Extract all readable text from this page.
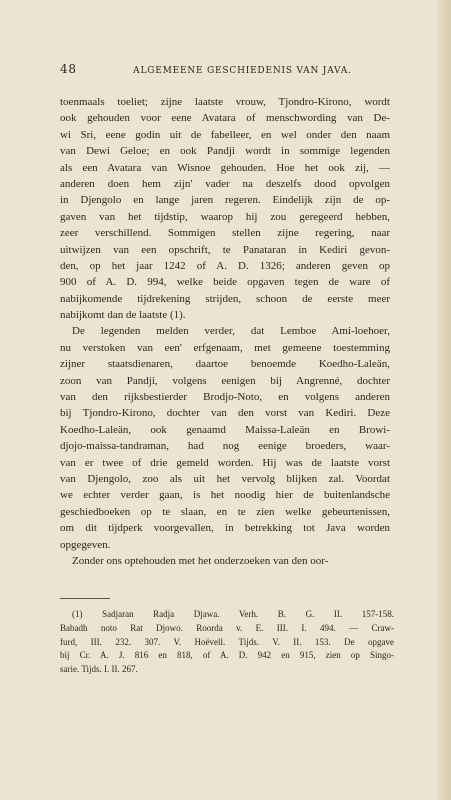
48	ALGEMEENE GESCHIEDENIS VAN JAVA.
toenmaals toeliet; zijne laatste vrouw, Tjondro-Kirono, wordt
ook gehouden voor eene Avatara of menschwording van De-
wi Sri, eene godin uit de fabelleer, en wel onder den naam
van Dewi Geloe; en ook Pandji wordt in sommige legenden
als een Avatara van Wisnoe gehouden. Hoe het ook zij, —
anderen doen hem zijn' vader na deszelfs dood opvolgen
in Djengolo en lange jaren regeren. Eindelijk zijn de op-
gaven van het tijdstip, waarop hij zou geregeerd hebben,
zeer verschillend. Sommigen stellen zijne regering, naar
uitwijzen van een opschrift, te Panataran in Kediri gevon-
den, op het jaar 1242 of A. D. 1326; anderen geven op
900 of A. D. 994, welke beide opgaven tegen de ware of
nabijkomende tijdrekening strijden, schoon de eerste meer
nabijkomt dan de laatste (1).
De legenden melden verder, dat Lemboe Ami-loehoer,
nu verstoken van een' erfgenaam, met gemeene toestemming
zijner staatsdienaren, daartoe benoemde Koedho-Laleän,
zoon van Pandji, volgens eenigen bij Angrenné, dochter
van den rijksbestierder Brodjo-Noto, en volgens anderen
bij Tjondro-Kirono, dochter van den vorst van Kediri. Deze
Koedho-Laleän, ook genaamd Maissa-Laleän en Browi-
djojo-maissa-tandraman, had nog eenige broeders, waar-
van er twee of drie gemeld worden. Hij was de laatste vorst
van Djengolo, zoo als uit het vervolg blijken zal. Voordat
we echter verder gaan, is het noodig hier de buitenlandsche
geschiedboeken op te slaan, en te zien welke gebeurtenissen,
om dit tijdperk voorgevallen, in betrekking tot Java worden
opgegeven.
Zonder ons optehouden met het onderzoeken van den oor-
(1) Sadjaran Radja Djawa. Verh. B. G. II. 157-158.
Babadh noto Rat Djowo. Roorda v. E. III. I. 494. — Craw-
furd, III. 232. 307. V. Hoëvell. Tijds. V. II. 153. De opgave
bij Cr. A. J. 816 en 818, of A. D. 942 en 915, zien op Singo-
sarie. Tijds. I. II. 267.
